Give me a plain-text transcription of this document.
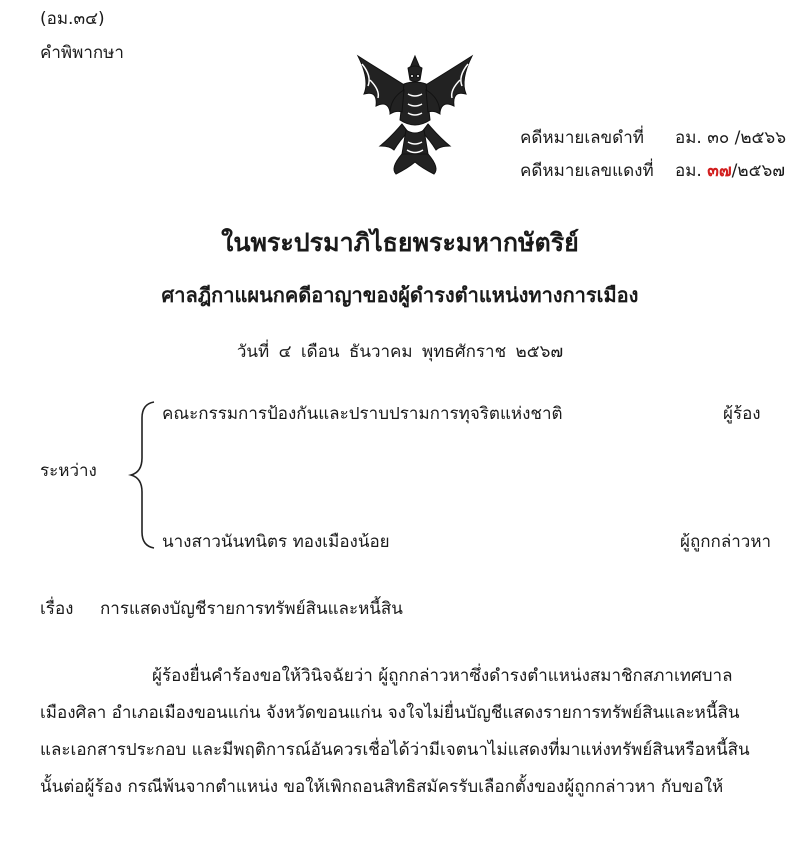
(อม.๓๔)
คำพิพากษา
คดีหมายเลขดำที่ อม. ๓๐ /๒๕๖๖
คดีหมายเลขแดงที่ อม. ๓๗/๒๕๖๗
ในพระปรมาภิไธยพระมหากษัตริย์
ศาลฎีกาแผนกคดีอาญาของผู้ดำรงตำแหน่งทางการเมือง
วันที่ ๔ เดือน ธันวาคม พุทธศักราช ๒๕๖๗
คณะกรรมการป้องกันและปราบปรามการทุจริตแห่งชาติ	ผู้ร้อง
ระหว่าง
นางสาวนันทนิตร ทองเมืองน้อย	ผู้ถูกกล่าวหา
เรื่อง การแสดงบัญชีรายการทรัพย์สินและหนี้สิน
ผู้ร้องยื่นคำร้องขอให้วินิจฉัยว่า ผู้ถูกกล่าวหาซึ่งดำรงตำแหน่งสมาชิกสภาเทศบาล
เมืองศิลา อำเภอเมืองขอนแก่น จังหวัดขอนแก่น จงใจไม่ยื่นบัญชีแสดงรายการทรัพย์สินและหนี้สิน
และเอกสารประกอบ และมีพฤติการณ์อันควรเชื่อได้ว่ามีเจตนาไม่แสดงที่มาแห่งทรัพย์สินหรือหนี้สิน
นั้นต่อผู้ร้อง กรณีพ้นจากตำแหน่ง ขอให้เพิกถอนสิทธิสมัครรับเลือกตั้งของผู้ถูกกล่าวหา กับขอให้
